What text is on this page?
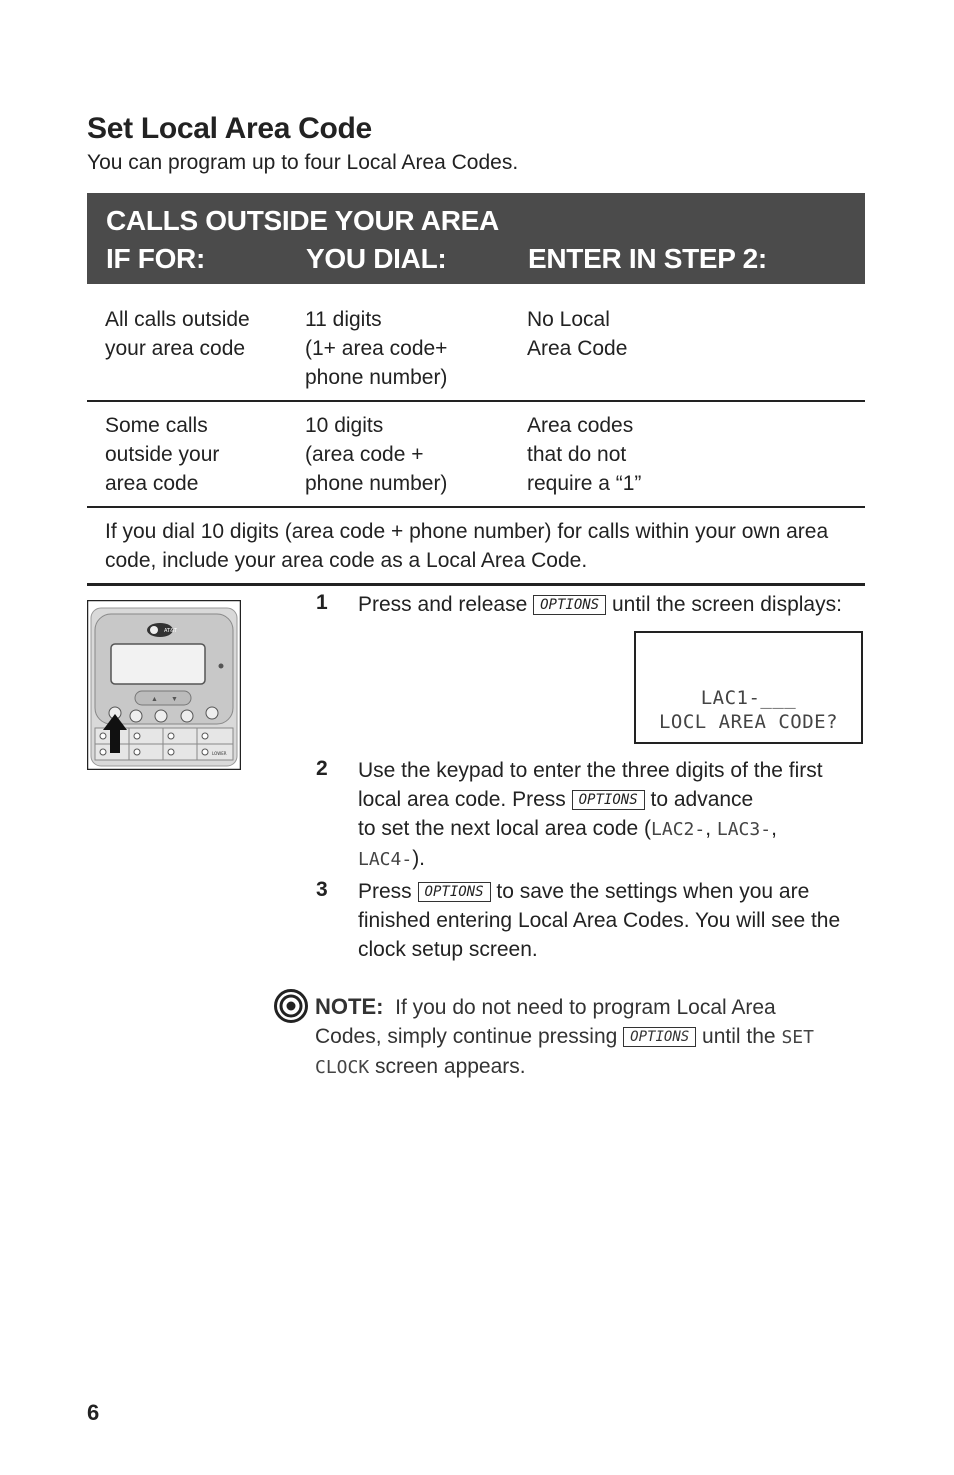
Set Local Area Code
You can program up to four Local Area Codes.
CALLS OUTSIDE YOUR AREA
IF FOR:	YOU DIAL:	ENTER IN STEP 2:
All calls outside
your area code
11 digits
(1+ area code+
phone number)
No Local
Area Code
Some calls
outside your
area code
10 digits
(area code +
phone number)
Area codes
that do not
require a “1”
If you dial 10 digits (area code + phone number) for calls within your own area
code, include your area code as a Local Area Code.
AT&T
▲ ▼
LOWER
1 Press and release OPTIONS until the screen displays:
LAC1-___
LOCL AREA CODE?
2 Use the keypad to enter the three digits of the first
local area code. Press OPTIONS to advance
to set the next local area code (LAC2-, LAC3-,
LAC4-).
3 Press OPTIONS to save the settings when you are
finished entering Local Area Codes. You will see the
clock setup screen.
NOTE: If you do not need to program Local Area
Codes, simply continue pressing OPTIONS until the SET
CLOCK screen appears.
6
